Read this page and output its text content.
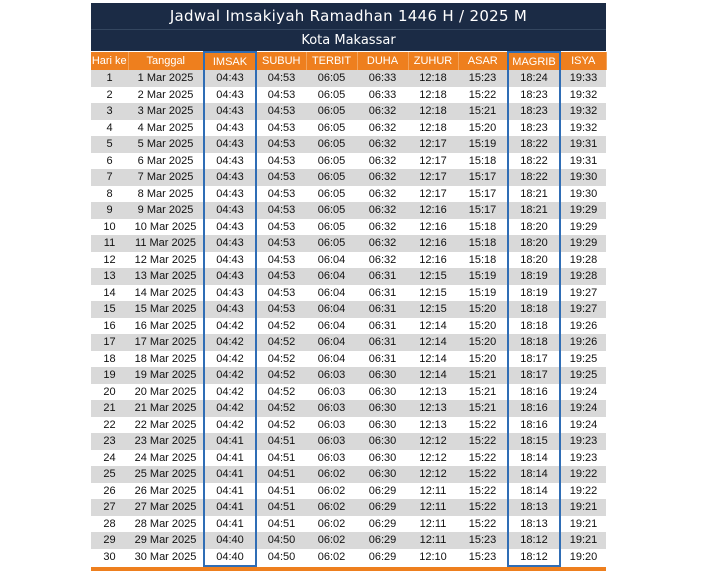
Jadwal Imsakiyah Ramadhan 1446 H / 2025 M
Kota Makassar
Hari ke	Tanggal	IMSAK	SUBUH	TERBIT	DUHA	ZUHUR	ASAR	MAGRIB	ISYA
1	1 Mar 2025	04:43	04:53	06:05	06:33	12:18	15:23	18:24	19:33
2	2 Mar 2025	04:43	04:53	06:05	06:33	12:18	15:22	18:23	19:32
3	3 Mar 2025	04:43	04:53	06:05	06:32	12:18	15:21	18:23	19:32
4	4 Mar 2025	04:43	04:53	06:05	06:32	12:18	15:20	18:23	19:32
5	5 Mar 2025	04:43	04:53	06:05	06:32	12:17	15:19	18:22	19:31
6	6 Mar 2025	04:43	04:53	06:05	06:32	12:17	15:18	18:22	19:31
7	7 Mar 2025	04:43	04:53	06:05	06:32	12:17	15:17	18:22	19:30
8	8 Mar 2025	04:43	04:53	06:05	06:32	12:17	15:17	18:21	19:30
9	9 Mar 2025	04:43	04:53	06:05	06:32	12:16	15:17	18:21	19:29
10	10 Mar 2025	04:43	04:53	06:05	06:32	12:16	15:18	18:20	19:29
11	11 Mar 2025	04:43	04:53	06:05	06:32	12:16	15:18	18:20	19:29
12	12 Mar 2025	04:43	04:53	06:04	06:32	12:16	15:18	18:20	19:28
13	13 Mar 2025	04:43	04:53	06:04	06:31	12:15	15:19	18:19	19:28
14	14 Mar 2025	04:43	04:53	06:04	06:31	12:15	15:19	18:19	19:27
15	15 Mar 2025	04:43	04:53	06:04	06:31	12:15	15:20	18:18	19:27
16	16 Mar 2025	04:42	04:52	06:04	06:31	12:14	15:20	18:18	19:26
17	17 Mar 2025	04:42	04:52	06:04	06:31	12:14	15:20	18:18	19:26
18	18 Mar 2025	04:42	04:52	06:04	06:31	12:14	15:20	18:17	19:25
19	19 Mar 2025	04:42	04:52	06:03	06:30	12:14	15:21	18:17	19:25
20	20 Mar 2025	04:42	04:52	06:03	06:30	12:13	15:21	18:16	19:24
21	21 Mar 2025	04:42	04:52	06:03	06:30	12:13	15:21	18:16	19:24
22	22 Mar 2025	04:42	04:52	06:03	06:30	12:13	15:22	18:16	19:24
23	23 Mar 2025	04:41	04:51	06:03	06:30	12:12	15:22	18:15	19:23
24	24 Mar 2025	04:41	04:51	06:03	06:30	12:12	15:22	18:14	19:23
25	25 Mar 2025	04:41	04:51	06:02	06:30	12:12	15:22	18:14	19:22
26	26 Mar 2025	04:41	04:51	06:02	06:29	12:11	15:22	18:14	19:22
27	27 Mar 2025	04:41	04:51	06:02	06:29	12:11	15:22	18:13	19:21
28	28 Mar 2025	04:41	04:51	06:02	06:29	12:11	15:22	18:13	19:21
29	29 Mar 2025	04:40	04:50	06:02	06:29	12:11	15:23	18:12	19:21
30	30 Mar 2025	04:40	04:50	06:02	06:29	12:10	15:23	18:12	19:20
